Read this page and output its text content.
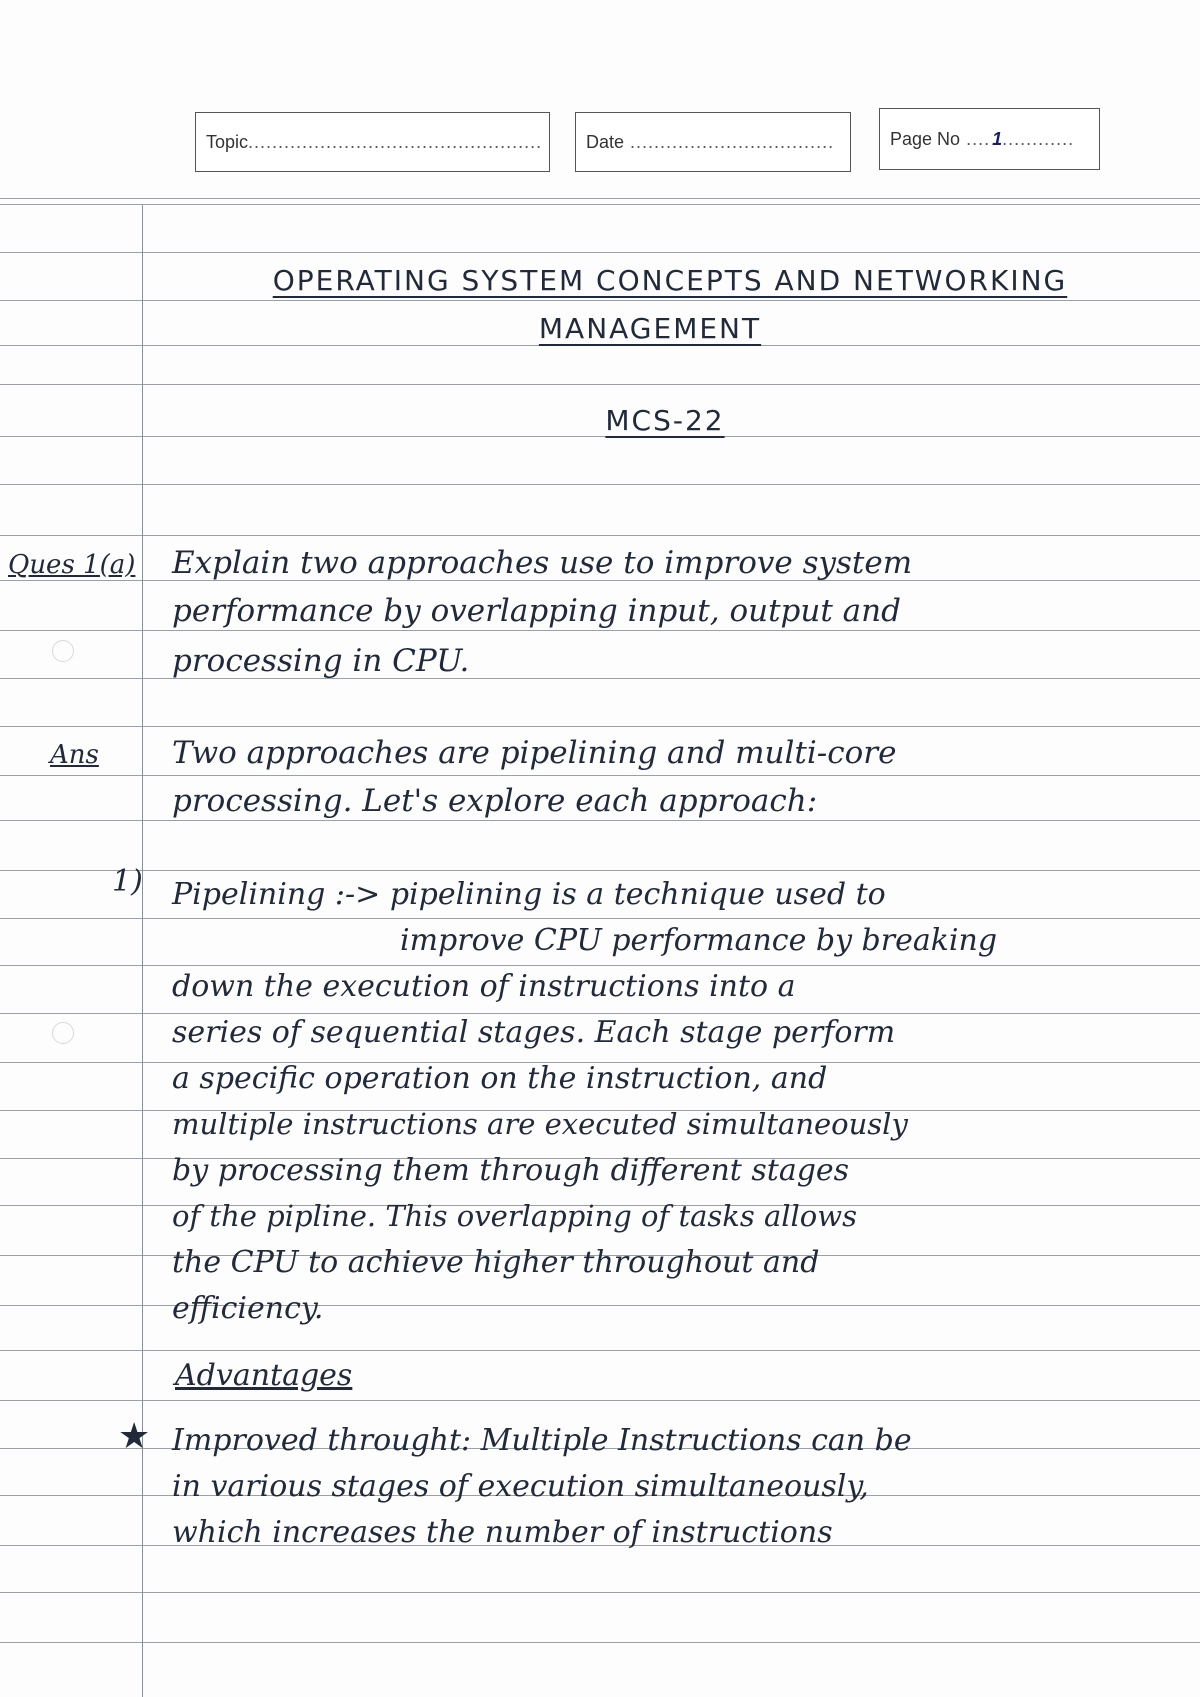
Topic ................................................. Date ..................................	Page No .... 1 ............
OPERATING SYSTEM CONCEPTS AND NETWORKING
MANAGEMENT
MCS-22
Ques 1(a) Explain two approaches use to improve system
performance by overlapping input, output and
processing in CPU.
Ans Two approaches are pipelining and multi-core
processing. Let's explore each approach:
1) Pipelining :-> pipelining is a technique used to
improve CPU performance by breaking
down the execution of instructions into a
series of sequential stages. Each stage perform
a specific operation on the instruction, and
multiple instructions are executed simultaneously
by processing them through different stages
of the pipline. This overlapping of tasks allows
the CPU to achieve higher throughout and
Advantages
★ Improved throught: Multiple Instructions can be
in various stages of execution simultaneously,
which increases the number of instructions
efficiency.
